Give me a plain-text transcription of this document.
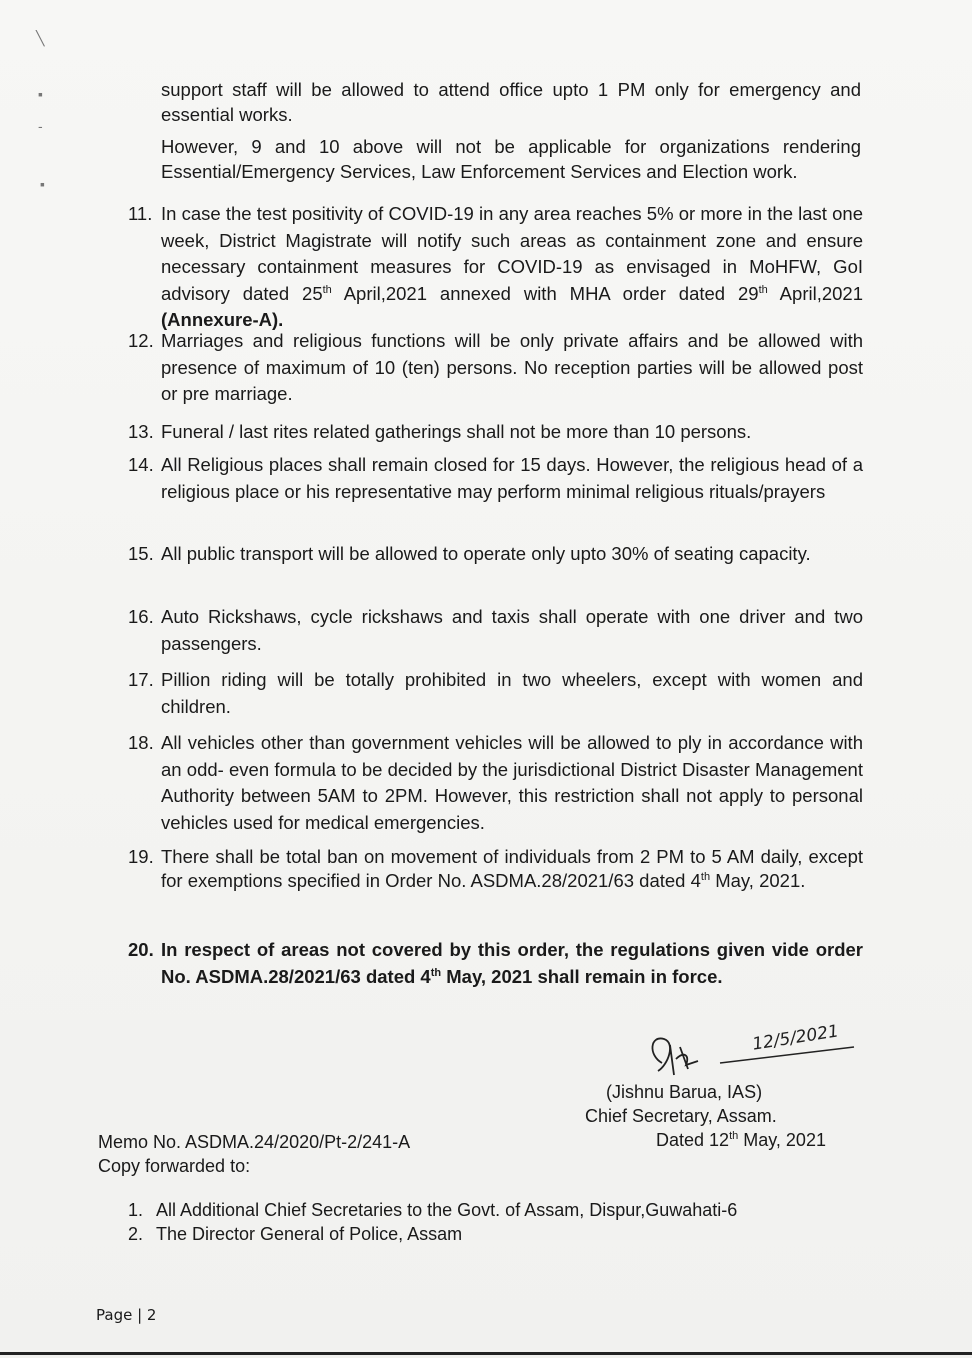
╲
▪
-
▪
support staff will be allowed to attend office upto 1 PM only for emergency and essential works.
However, 9 and 10 above will not be applicable for organizations rendering Essential/Emergency Services, Law Enforcement Services and Election work.
11. In case the test positivity of COVID-19 in any area reaches 5% or more in the last one week, District Magistrate will notify such areas as containment zone and ensure necessary containment measures for COVID-19 as envisaged in MoHFW, GoI advisory dated 25th April,2021 annexed with MHA order dated 29th April,2021 (Annexure-A).
12. Marriages and religious functions will be only private affairs and be allowed with presence of maximum of 10 (ten) persons. No reception parties will be allowed post or pre marriage.
13. Funeral / last rites related gatherings shall not be more than 10 persons.
14. All Religious places shall remain closed for 15 days. However, the religious head of a religious place or his representative may perform minimal religious rituals/prayers
15. All public transport will be allowed to operate only upto 30% of seating capacity.
16. Auto Rickshaws, cycle rickshaws and taxis shall operate with one driver and two passengers.
17. Pillion riding will be totally prohibited in two wheelers, except with women and children.
18. All vehicles other than government vehicles will be allowed to ply in accordance with an odd- even formula to be decided by the jurisdictional District Disaster Management Authority between 5AM to 2PM. However, this restriction shall not apply to personal vehicles used for medical emergencies.
19. There shall be total ban on movement of individuals from 2 PM to 5 AM daily, except for exemptions specified in Order No. ASDMA.28/2021/63 dated 4th May, 2021.
20. In respect of areas not covered by this order, the regulations given vide order No. ASDMA.28/2021/63 dated 4th May, 2021 shall remain in force.
12/5/2021
(Jishnu Barua, IAS)
Chief Secretary, Assam.
Dated 12th May, 2021
Memo No. ASDMA.24/2020/Pt-2/241-A
Copy forwarded to:
1. All Additional Chief Secretaries to the Govt. of Assam, Dispur,Guwahati-6
2. The Director General of Police, Assam
Page | 2
